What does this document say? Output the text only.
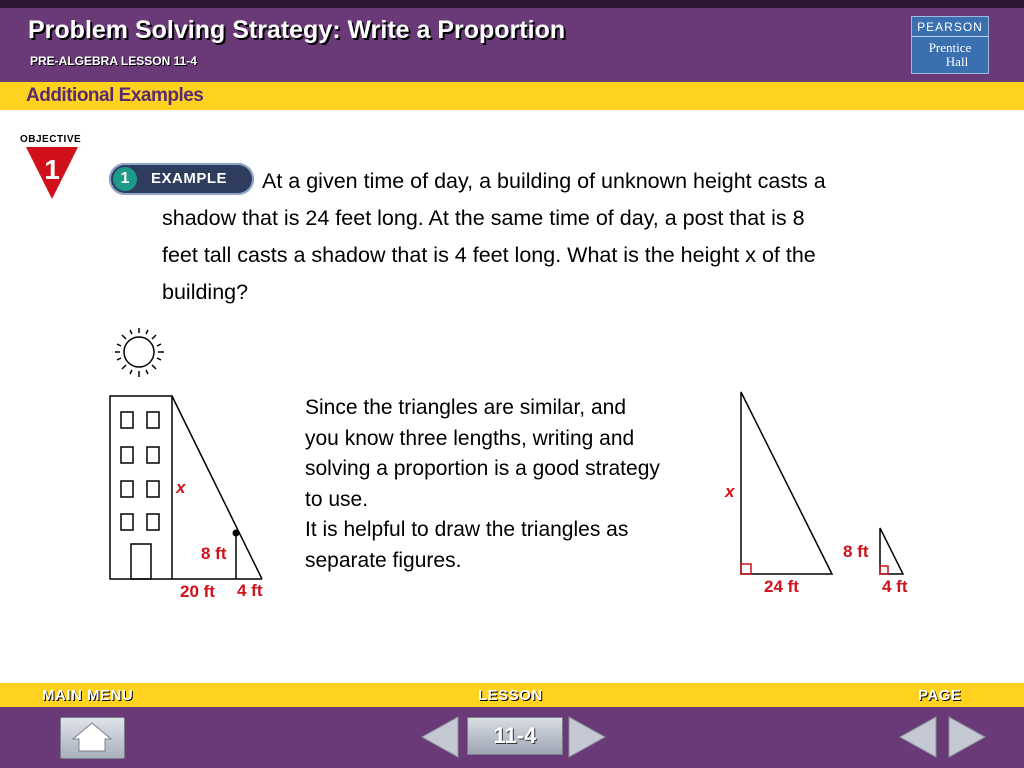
Problem Solving Strategy: Write a Proportion
PRE-ALGEBRA LESSON 11-4
PEARSON
Prentice
Hall
Additional Examples
OBJECTIVE
1	1	EXAMPLE	At a given time of day, a building of unknown height casts a shadow that is 24 feet long. At the same time of day, a post that is 8 feet tall casts a shadow that is 4 feet long. What is the height x of the building?
x
8 ft
20 ft 4 ft
Since the triangles are similar, and you know three lengths, writing and solving a proportion is a good strategy to use.
It is helpful to draw the triangles as separate figures.
x
24 ft
8 ft
4 ft
MAIN MENU	LESSON	PAGE
11-4
